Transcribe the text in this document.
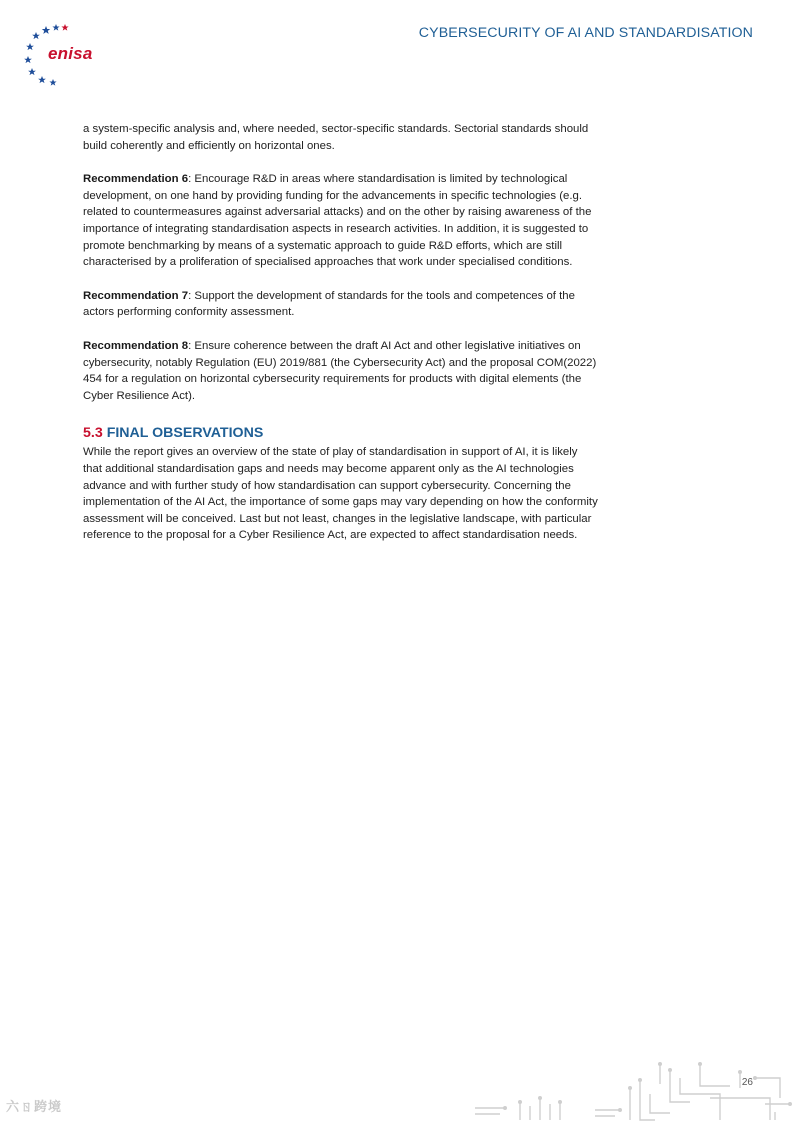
enisa
CYBERSECURITY OF AI AND STANDARDISATION

a system-specific analysis and, where needed, sector-specific standards. Sectorial standards should build coherently and efficiently on horizontal ones.

Recommendation 6: Encourage R&D in areas where standardisation is limited by technological development, on one hand by providing funding for the advancements in specific technologies (e.g. related to countermeasures against adversarial attacks) and on the other by raising awareness of the importance of integrating standardisation aspects in research activities. In addition, it is suggested to promote benchmarking by means of a systematic approach to guide R&D efforts, which are still characterised by a proliferation of specialised approaches that work under specialised conditions.

Recommendation 7: Support the development of standards for the tools and competences of the actors performing conformity assessment.

Recommendation 8: Ensure coherence between the draft AI Act and other legislative initiatives on cybersecurity, notably Regulation (EU) 2019/881 (the Cybersecurity Act) and the proposal COM(2022) 454 for a regulation on horizontal cybersecurity requirements for products with digital elements (the Cyber Resilience Act).

5.3 FINAL OBSERVATIONS

While the report gives an overview of the state of play of standardisation in support of AI, it is likely that additional standardisation gaps and needs may become apparent only as the AI technologies advance and with further study of how standardisation can support cybersecurity. Concerning the implementation of the AI Act, the importance of some gaps may vary depending on how the conformity assessment will be conceived. Last but not least, changes in the legislative landscape, with particular reference to the proposal for a Cyber Resilience Act, are expected to affect standardisation needs.

26
六ㄖ跨境
